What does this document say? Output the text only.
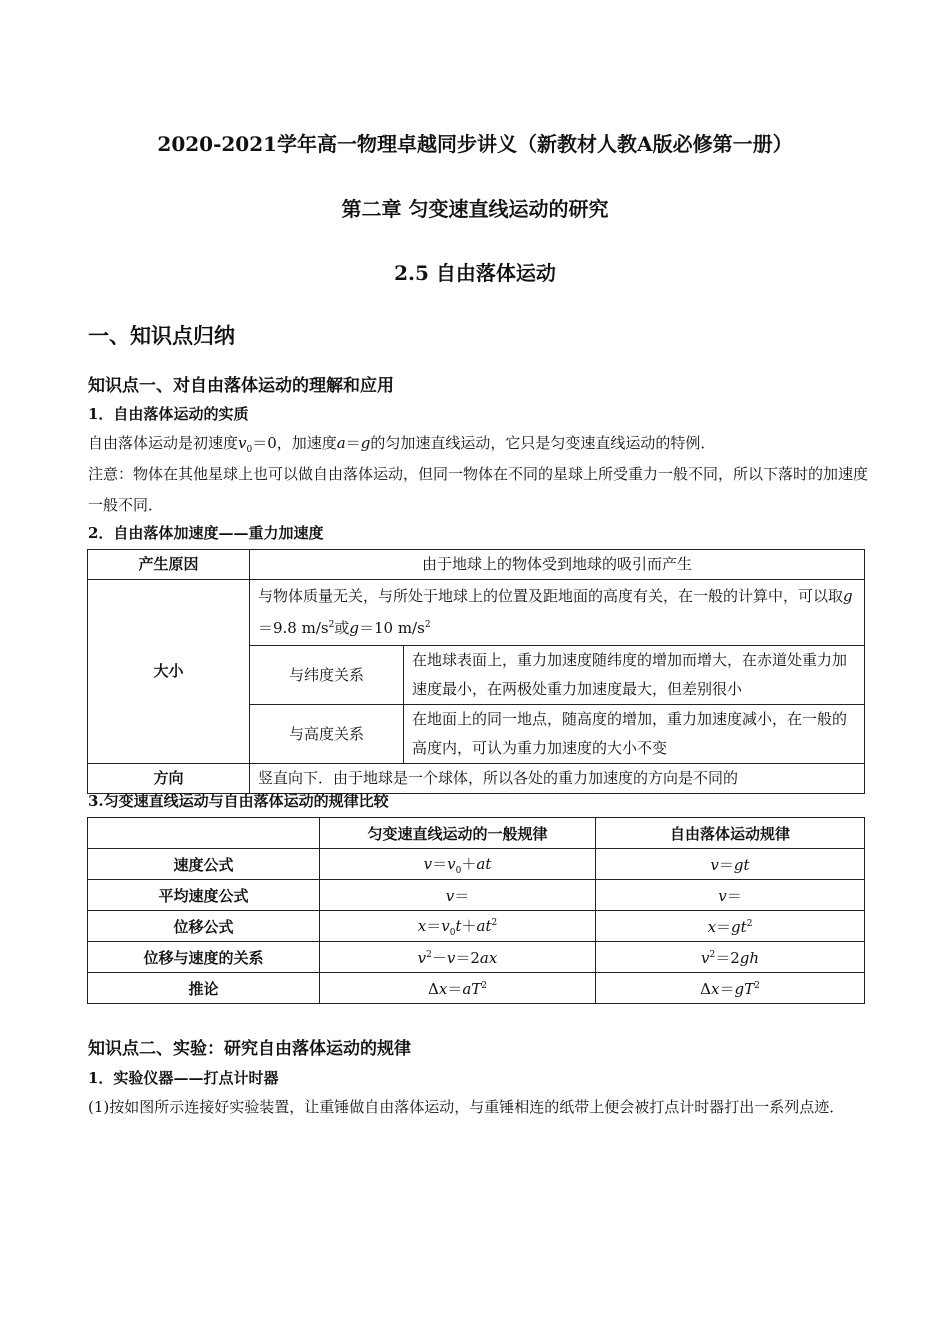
2020-2021学年高一物理卓越同步讲义（新教材人教A版必修第一册）
第二章 匀变速直线运动的研究
2.5 自由落体运动
一、知识点归纳
知识点一、对自由落体运动的理解和应用
1．自由落体运动的实质
自由落体运动是初速度$v_0=0$，加速度a＝g的匀加速直线运动，它只是匀变速直线运动的特例．
注意：物体在其他星球上也可以做自由落体运动，但同一物体在不同的星球上所受重力一般不同，所以下落时的加速度一般不同．
2．自由落体加速度——重力加速度
产生原因	由于地球上的物体受到地球的吸引而产生	
大小	与物体质量无关，与所处于地球上的位置及距地面的高度有关，在一般的计算中，可以取g＝9.8 $m/s^2$或g＝10 $m/s^2$
	与纬度关系	在地球表面上，重力加速度随纬度的增加而增大，在赤道处重力加速度最小，在两极处重力加速度最大，但差别很小
	与高度关系	在地面上的同一地点，随高度的增加，重力加速度减小，在一般的高度内，可认为重力加速度的大小不变
方向	竖直向下．由于地球是一个球体，所以各处的重力加速度的方向是不同的	
3.匀变速直线运动与自由落体运动的规律比较
	匀变速直线运动的一般规律	自由落体运动规律
速度公式	$v=v_0+at$	v＝gt
平均速度公式	v＝	v＝
位移公式	$x=v_0t+at^2$	$x=gt^2$
位移与速度的关系	$v^2-v=2ax$	$v^2=2gh$
推论	$\Delta x=aT^2$	$\Delta x=gT^2$
知识点二、实验：研究自由落体运动的规律
1．实验仪器——打点计时器
(1)按如图所示连接好实验装置，让重锤做自由落体运动，与重锤相连的纸带上便会被打点计时器打出一系列点迹．
